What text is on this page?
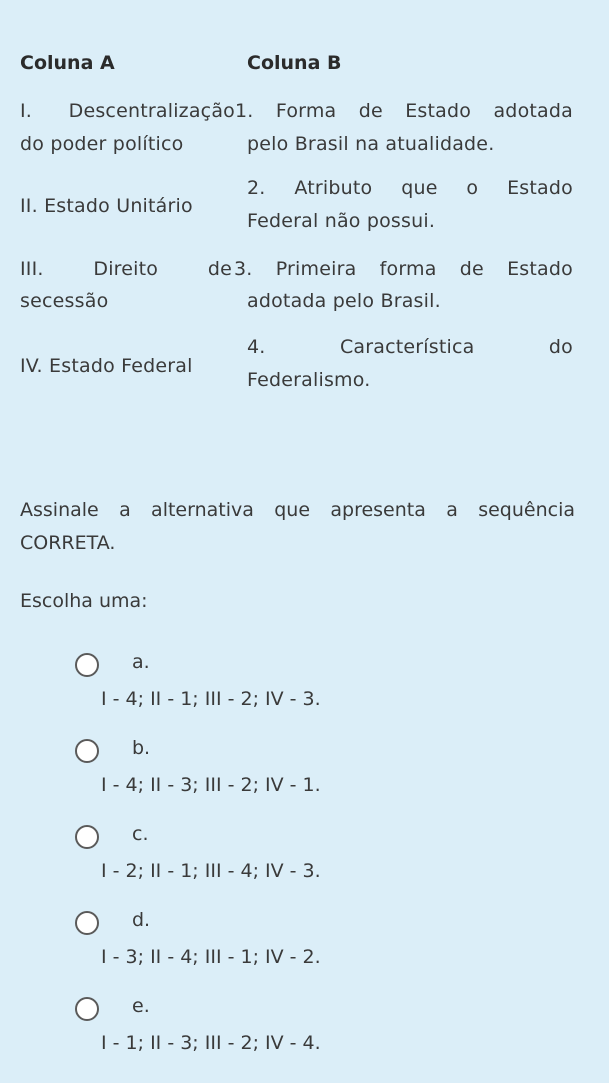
Coluna A	Coluna B
I. Descentralização
do poder político
II. Estado Unitário
III. Direito de
secessão
IV. Estado Federal
1. Forma de Estado adotada
pelo Brasil na atualidade.
2. Atributo que o Estado
Federal não possui.
3. Primeira forma de Estado
adotada pelo Brasil.
4. Característica do
Federalismo.
Assinale a alternativa que apresenta a sequência CORRETA.
Escolha uma:
a.
I - 4; II - 1; III - 2; IV - 3.
b.
I - 4; II - 3; III - 2; IV - 1.
c.
I - 2; II - 1; III - 4; IV - 3.
d.
I - 3; II - 4; III - 1; IV - 2.
e.
I - 1; II - 3; III - 2; IV - 4.
